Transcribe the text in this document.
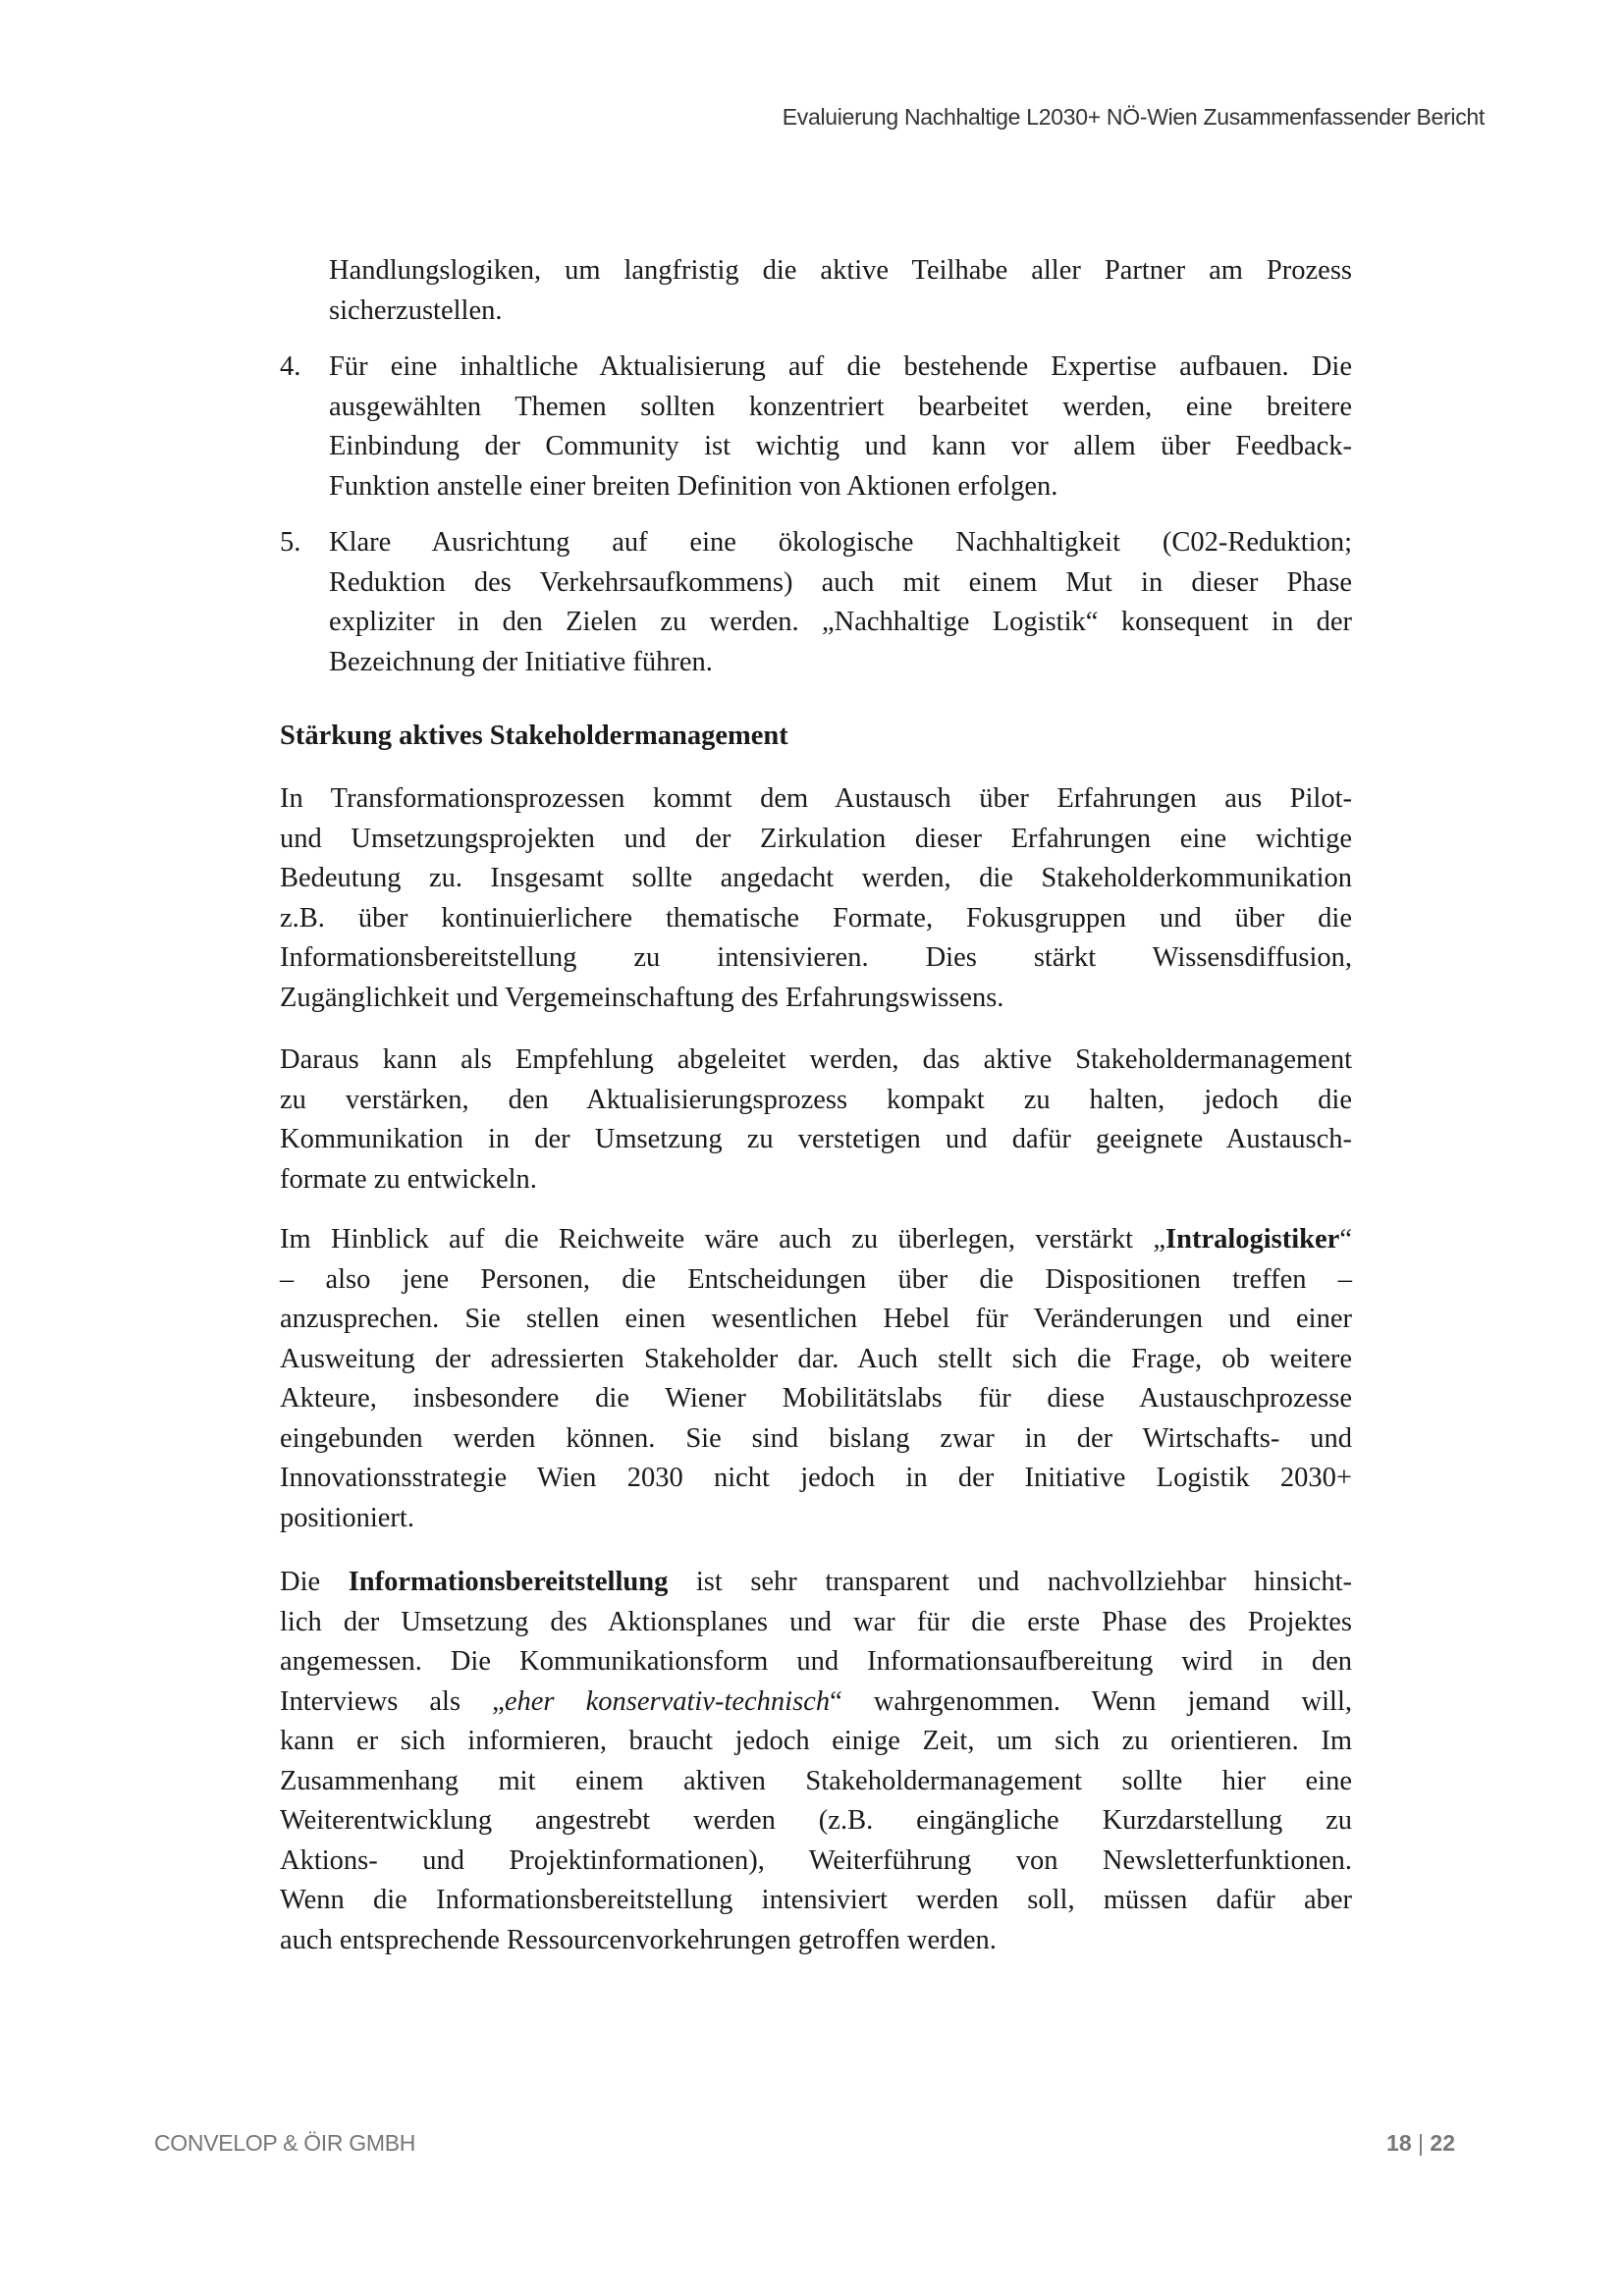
Evaluierung Nachhaltige L2030+ NÖ-Wien Zusammenfassender Bericht
Handlungslogiken, um langfristig die aktive Teilhabe aller Partner am Prozess
sicherzustellen.
4. Für eine inhaltliche Aktualisierung auf die bestehende Expertise aufbauen. Die
ausgewählten Themen sollten konzentriert bearbeitet werden, eine breitere
Einbindung der Community ist wichtig und kann vor allem über Feedback-
Funktion anstelle einer breiten Definition von Aktionen erfolgen.
5. Klare Ausrichtung auf eine ökologische Nachhaltigkeit (C02-Reduktion;
Reduktion des Verkehrsaufkommens) auch mit einem Mut in dieser Phase
expliziter in den Zielen zu werden. „Nachhaltige Logistik“ konsequent in der
Bezeichnung der Initiative führen.
Stärkung aktives Stakeholdermanagement
In Transformationsprozessen kommt dem Austausch über Erfahrungen aus Pilot-
und Umsetzungsprojekten und der Zirkulation dieser Erfahrungen eine wichtige
Bedeutung zu. Insgesamt sollte angedacht werden, die Stakeholderkommunikation
z.B. über kontinuierlichere thematische Formate, Fokusgruppen und über die
Informationsbereitstellung zu intensivieren. Dies stärkt Wissensdiffusion,
Zugänglichkeit und Vergemeinschaftung des Erfahrungswissens.
Daraus kann als Empfehlung abgeleitet werden, das aktive Stakeholdermanagement
zu verstärken, den Aktualisierungsprozess kompakt zu halten, jedoch die
Kommunikation in der Umsetzung zu verstetigen und dafür geeignete Austausch-
formate zu entwickeln.
Im Hinblick auf die Reichweite wäre auch zu überlegen, verstärkt „Intralogistiker“
– also jene Personen, die Entscheidungen über die Dispositionen treffen –
anzusprechen. Sie stellen einen wesentlichen Hebel für Veränderungen und einer
Ausweitung der adressierten Stakeholder dar. Auch stellt sich die Frage, ob weitere
Akteure, insbesondere die Wiener Mobilitätslabs für diese Austauschprozesse
eingebunden werden können. Sie sind bislang zwar in der Wirtschafts- und
Innovationsstrategie Wien 2030 nicht jedoch in der Initiative Logistik 2030+
positioniert.
Die Informationsbereitstellung ist sehr transparent und nachvollziehbar hinsicht-
lich der Umsetzung des Aktionsplanes und war für die erste Phase des Projektes
angemessen. Die Kommunikationsform und Informationsaufbereitung wird in den
Interviews als „eher konservativ-technisch“ wahrgenommen. Wenn jemand will,
kann er sich informieren, braucht jedoch einige Zeit, um sich zu orientieren. Im
Zusammenhang mit einem aktiven Stakeholdermanagement sollte hier eine
Weiterentwicklung angestrebt werden (z.B. eingängliche Kurzdarstellung zu
Aktions- und Projektinformationen), Weiterführung von Newsletterfunktionen.
Wenn die Informationsbereitstellung intensiviert werden soll, müssen dafür aber
auch entsprechende Ressourcenvorkehrungen getroffen werden.
CONVELOP & ÖIR GMBH	18 | 22
